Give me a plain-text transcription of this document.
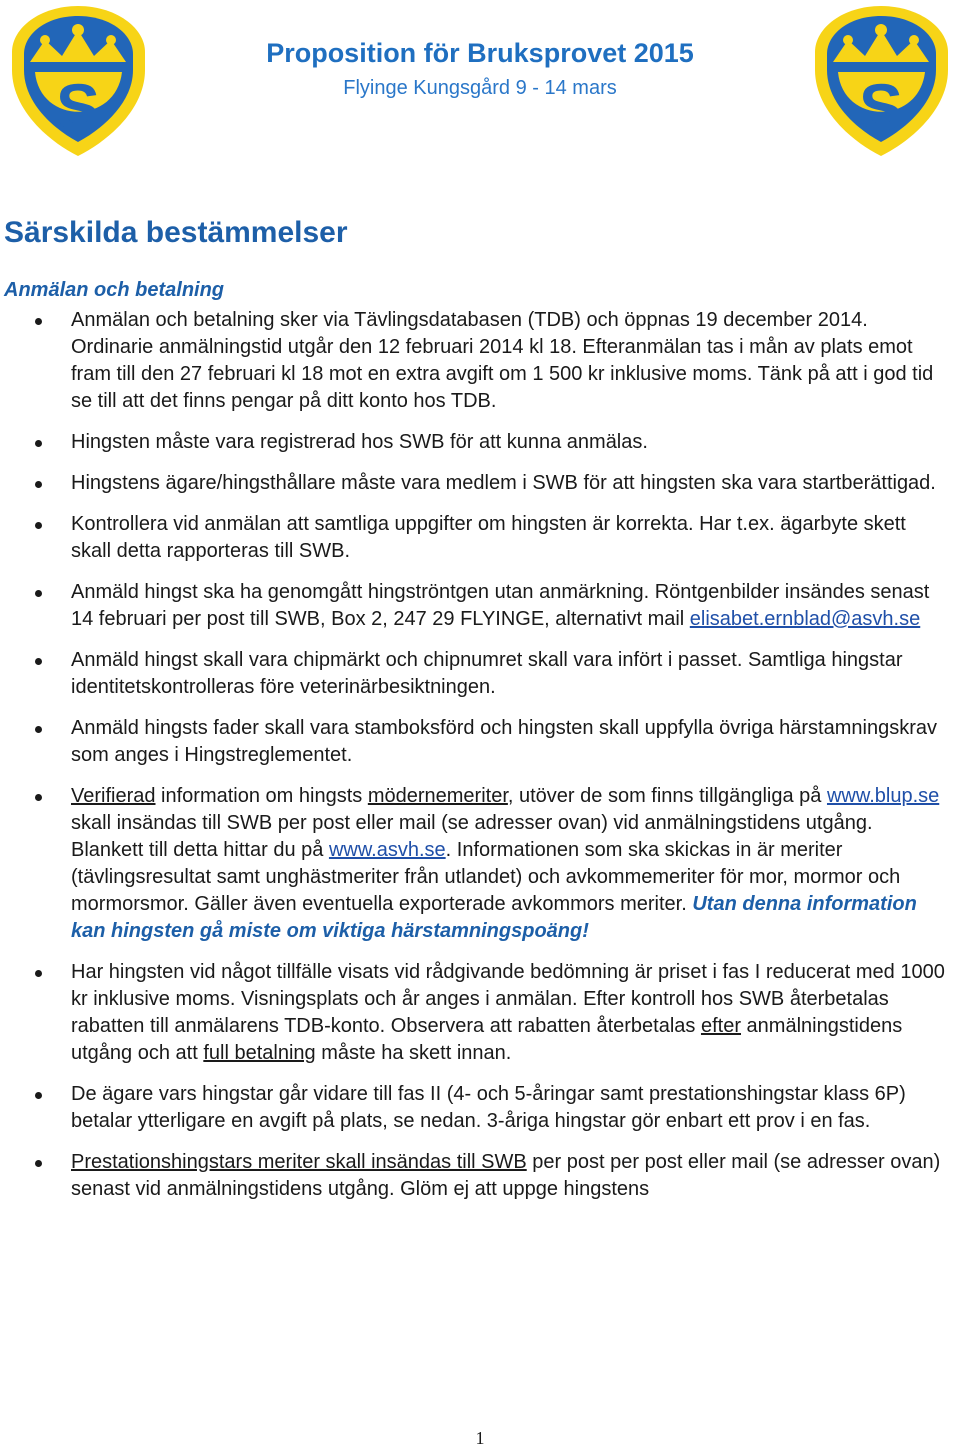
S	S
Proposition för Bruksprovet 2015
Flyinge Kungsgård 9 - 14 mars
Särskilda bestämmelser
Anmälan och betalning
Anmälan och betalning sker via Tävlingsdatabasen (TDB) och öppnas 19 december 2014. Ordinarie anmälningstid utgår den 12 februari 2014 kl 18. Efteranmälan tas i mån av plats emot fram till den 27 februari kl 18 mot en extra avgift om 1 500 kr inklusive moms. Tänk på att i god tid se till att det finns pengar på ditt konto hos TDB.
Hingsten måste vara registrerad hos SWB för att kunna anmälas.
Hingstens ägare/hingsthållare måste vara medlem i SWB för att hingsten ska vara startberättigad.
Kontrollera vid anmälan att samtliga uppgifter om hingsten är korrekta. Har t.ex. ägarbyte skett skall detta rapporteras till SWB.
Anmäld hingst ska ha genomgått hingströntgen utan anmärkning. Röntgenbilder insändes senast 14 februari per post till SWB, Box 2, 247 29 FLYINGE, alternativt mail elisabet.ernblad@asvh.se
Anmäld hingst skall vara chipmärkt och chipnumret skall vara infört i passet. Samtliga hingstar identitetskontrolleras före veterinärbesiktningen.
Anmäld hingsts fader skall vara stamboksförd och hingsten skall uppfylla övriga härstamningskrav som anges i Hingstreglementet.
Verifierad information om hingsts mödernemeriter, utöver de som finns tillgängliga på www.blup.se skall insändas till SWB per post eller mail (se adresser ovan) vid anmälningstidens utgång. Blankett till detta hittar du på www.asvh.se. Informationen som ska skickas in är meriter (tävlingsresultat samt unghästmeriter från utlandet) och avkommemeriter för mor, mormor och mormorsmor. Gäller även eventuella exporterade avkommors meriter. Utan denna information kan hingsten gå miste om viktiga härstamningspoäng!
Har hingsten vid något tillfälle visats vid rådgivande bedömning är priset i fas I reducerat med 1000 kr inklusive moms. Visningsplats och år anges i anmälan. Efter kontroll hos SWB återbetalas rabatten till anmälarens TDB-konto. Observera att rabatten återbetalas efter anmälningstidens utgång och att full betalning måste ha skett innan.
De ägare vars hingstar går vidare till fas II (4- och 5-åringar samt prestationshingstar klass 6P) betalar ytterligare en avgift på plats, se nedan. 3-åriga hingstar gör enbart ett prov i en fas.
Prestationshingstars meriter skall insändas till SWB per post per post eller mail (se adresser ovan) senast vid anmälningstidens utgång. Glöm ej att uppge hingstens
1
